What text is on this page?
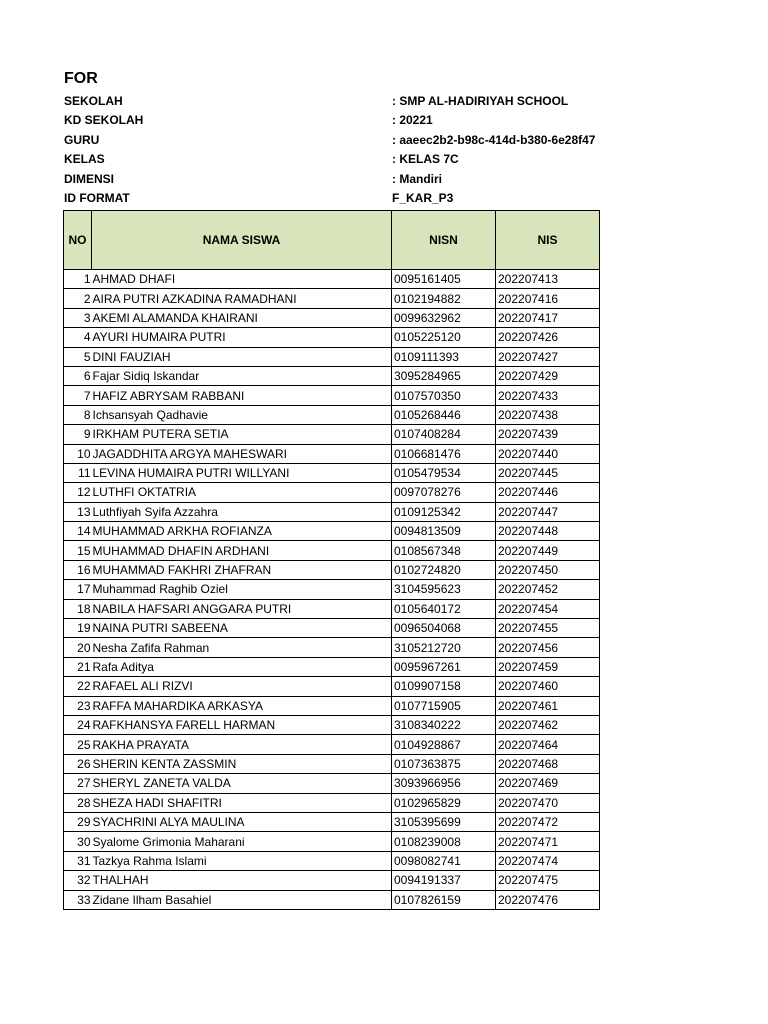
FOR
SEKOLAH	: SMP AL-HADIRIYAH SCHOOL
KD SEKOLAH	: 20221
GURU	: aaeec2b2-b98c-414d-b380-6e28f47
KELAS	: KELAS 7C
DIMENSI	: Mandiri
ID FORMAT	F_KAR_P3
NO	NAMA SISWA	NISN	NIS
1	AHMAD DHAFI	0095161405	202207413
2	AIRA PUTRI AZKADINA RAMADHANI	0102194882	202207416
3	AKEMI ALAMANDA KHAIRANI	0099632962	202207417
4	AYURI HUMAIRA PUTRI	0105225120	202207426
5	DINI FAUZIAH	0109111393	202207427
6	Fajar Sidiq Iskandar	3095284965	202207429
7	HAFIZ ABRYSAM RABBANI	0107570350	202207433
8	Ichsansyah Qadhavie	0105268446	202207438
9	IRKHAM PUTERA SETIA	0107408284	202207439
10	JAGADDHITA ARGYA MAHESWARI	0106681476	202207440
11	LEVINA HUMAIRA PUTRI WILLYANI	0105479534	202207445
12	LUTHFI OKTATRIA	0097078276	202207446
13	Luthfiyah Syifa Azzahra	0109125342	202207447
14	MUHAMMAD ARKHA ROFIANZA	0094813509	202207448
15	MUHAMMAD DHAFIN ARDHANI	0108567348	202207449
16	MUHAMMAD FAKHRI ZHAFRAN	0102724820	202207450
17	Muhammad Raghib Oziel	3104595623	202207452
18	NABILA HAFSARI ANGGARA PUTRI	0105640172	202207454
19	NAINA PUTRI SABEENA	0096504068	202207455
20	Nesha Zafifa Rahman	3105212720	202207456
21	Rafa Aditya	0095967261	202207459
22	RAFAEL ALI RIZVI	0109907158	202207460
23	RAFFA MAHARDIKA ARKASYA	0107715905	202207461
24	RAFKHANSYA FARELL HARMAN	3108340222	202207462
25	RAKHA PRAYATA	0104928867	202207464
26	SHERIN KENTA ZASSMIN	0107363875	202207468
27	SHERYL ZANETA VALDA	3093966956	202207469
28	SHEZA HADI SHAFITRI	0102965829	202207470
29	SYACHRINI ALYA MAULINA	3105395699	202207472
30	Syalome Grimonia Maharani	0108239008	202207471
31	Tazkya Rahma Islami	0098082741	202207474
32	THALHAH	0094191337	202207475
33	Zidane Ilham Basahiel	0107826159	202207476
